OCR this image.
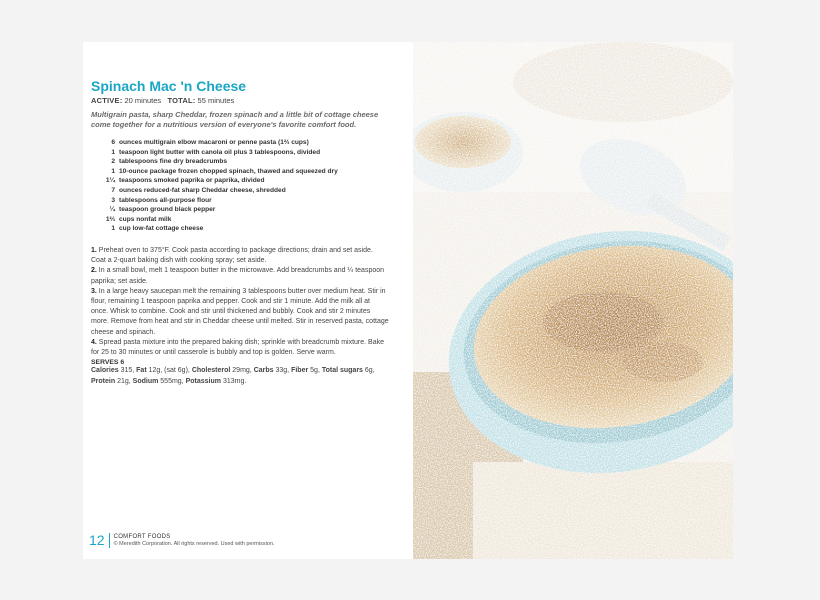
Spinach Mac 'n Cheese
ACTIVE: 20 minutes TOTAL: 55 minutes

Multigrain pasta, sharp Cheddar, frozen spinach and a little bit of cottage cheese come together for a nutritious version of everyone's favorite comfort food.

6 ounces multigrain elbow macaroni or penne pasta (1⅔ cups)
1 teaspoon light butter with canola oil plus 3 tablespoons, divided
2 tablespoons fine dry breadcrumbs
1 10-ounce package frozen chopped spinach, thawed and squeezed dry
1¼ teaspoons smoked paprika or paprika, divided
7 ounces reduced-fat sharp Cheddar cheese, shredded
3 tablespoons all-purpose flour
¼ teaspoon ground black pepper
1⅔ cups nonfat milk
1 cup low-fat cottage cheese

1. Preheat oven to 375°F. Cook pasta according to package directions; drain and set aside. Coat a 2-quart baking dish with cooking spray; set aside.

2. In a small bowl, melt 1 teaspoon butter in the microwave. Add breadcrumbs and ¼ teaspoon paprika; set aside.

3. In a large heavy saucepan melt the remaining 3 tablespoons butter over medium heat. Stir in flour, remaining 1 teaspoon paprika and pepper. Cook and stir 1 minute. Add the milk all at once. Whisk to combine. Cook and stir until thickened and bubbly. Cook and stir 2 minutes more. Remove from heat and stir in Cheddar cheese until melted. Stir in reserved pasta, cottage cheese and spinach.

4. Spread pasta mixture into the prepared baking dish; sprinkle with breadcrumb mixture. Bake for 25 to 30 minutes or until casserole is bubbly and top is golden. Serve warm.

SERVES 6
Calories 315, Fat 12g, (sat 6g), Cholesterol 29mg, Carbs 33g, Fiber 5g, Total sugars 6g,
Protein 21g, Sodium 555mg, Potassium 313mg.
12	COMFORT FOODS
© Meredith Corporation. All rights reserved. Used with permission.
